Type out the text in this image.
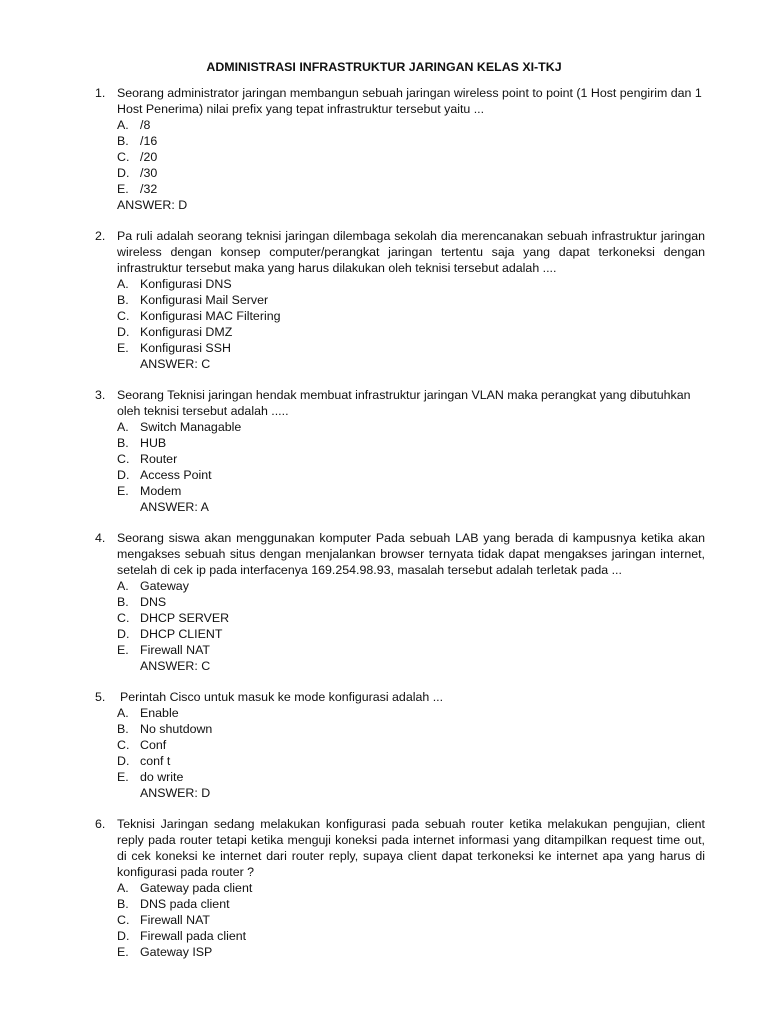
ADMINISTRASI INFRASTRUKTUR JARINGAN KELAS XI-TKJ
1. Seorang administrator jaringan membangun sebuah jaringan wireless point to point (1 Host pengirim dan 1 Host Penerima) nilai prefix yang tepat infrastruktur tersebut yaitu ...
A. /8
B. /16
C. /20
D. /30
E. /32
ANSWER: D
2. Pa ruli adalah seorang teknisi jaringan dilembaga sekolah dia merencanakan sebuah infrastruktur jaringan wireless dengan konsep computer/perangkat jaringan tertentu saja yang dapat terkoneksi dengan infrastruktur tersebut maka yang harus dilakukan oleh teknisi tersebut adalah ....
A. Konfigurasi DNS
B. Konfigurasi Mail Server
C. Konfigurasi MAC Filtering
D. Konfigurasi DMZ
E. Konfigurasi SSH
ANSWER: C
3. Seorang Teknisi jaringan hendak membuat infrastruktur jaringan VLAN maka perangkat yang dibutuhkan oleh teknisi tersebut adalah .....
A. Switch Managable
B. HUB
C. Router
D. Access Point
E. Modem
ANSWER: A
4. Seorang siswa akan menggunakan komputer Pada sebuah LAB yang berada di kampusnya ketika akan mengakses sebuah situs dengan menjalankan browser ternyata tidak dapat mengakses jaringan internet, setelah di cek ip pada interfacenya 169.254.98.93, masalah tersebut adalah terletak pada ...
A. Gateway
B. DNS
C. DHCP SERVER
D. DHCP CLIENT
E. Firewall NAT
ANSWER: C
5. Perintah Cisco untuk masuk ke mode konfigurasi adalah ...
A. Enable
B. No shutdown
C. Conf
D. conf t
E. do write
ANSWER: D
6. Teknisi Jaringan sedang melakukan konfigurasi pada sebuah router ketika melakukan pengujian, client reply pada router tetapi ketika menguji koneksi pada internet informasi yang ditampilkan request time out, di cek koneksi ke internet dari router reply, supaya client dapat terkoneksi ke internet apa yang harus di konfigurasi pada router ?
A. Gateway pada client
B. DNS pada client
C. Firewall NAT
D. Firewall pada client
E. Gateway ISP
